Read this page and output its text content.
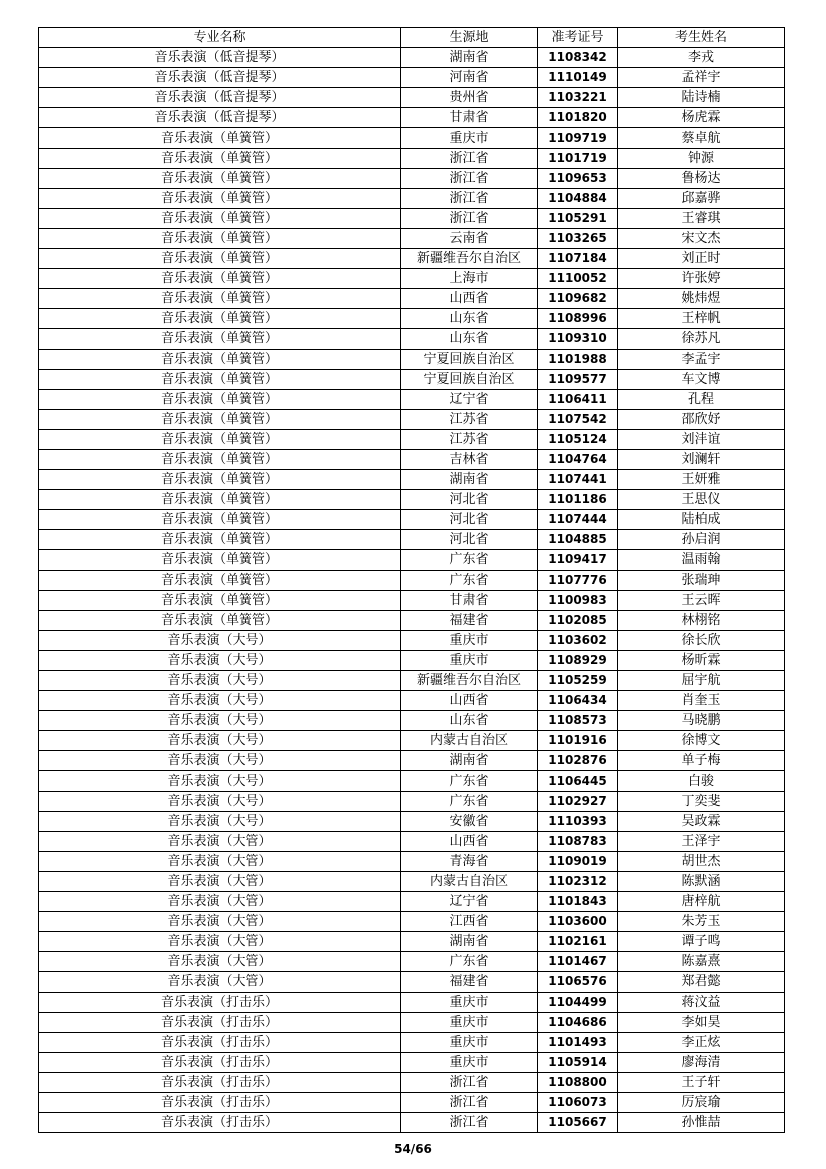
专业名称	生源地	准考证号	考生姓名
音乐表演（低音提琴）	湖南省	1108342	李戎
音乐表演（低音提琴）	河南省	1110149	孟祥宇
音乐表演（低音提琴）	贵州省	1103221	陆诗楠
音乐表演（低音提琴）	甘肃省	1101820	杨虎霖
音乐表演（单簧管）	重庆市	1109719	蔡卓航
音乐表演（单簧管）	浙江省	1101719	钟源
音乐表演（单簧管）	浙江省	1109653	鲁杨达
音乐表演（单簧管）	浙江省	1104884	邱嘉骅
音乐表演（单簧管）	浙江省	1105291	王睿琪
音乐表演（单簧管）	云南省	1103265	宋文杰
音乐表演（单簧管）	新疆维吾尔自治区	1107184	刘正时
音乐表演（单簧管）	上海市	1110052	许张婷
音乐表演（单簧管）	山西省	1109682	姚炜煜
音乐表演（单簧管）	山东省	1108996	王梓帆
音乐表演（单簧管）	山东省	1109310	徐苏凡
音乐表演（单簧管）	宁夏回族自治区	1101988	李孟宇
音乐表演（单簧管）	宁夏回族自治区	1109577	车文博
音乐表演（单簧管）	辽宁省	1106411	孔程
音乐表演（单簧管）	江苏省	1107542	邵欣妤
音乐表演（单簧管）	江苏省	1105124	刘沣谊
音乐表演（单簧管）	吉林省	1104764	刘澜轩
音乐表演（单簧管）	湖南省	1107441	王妍雅
音乐表演（单簧管）	河北省	1101186	王思仪
音乐表演（单簧管）	河北省	1107444	陆柏成
音乐表演（单簧管）	河北省	1104885	孙启润
音乐表演（单簧管）	广东省	1109417	温雨翰
音乐表演（单簧管）	广东省	1107776	张瑞珅
音乐表演（单簧管）	甘肃省	1100983	王云晖
音乐表演（单簧管）	福建省	1102085	林栩铭
音乐表演（大号）	重庆市	1103602	徐长欣
音乐表演（大号）	重庆市	1108929	杨昕霖
音乐表演（大号）	新疆维吾尔自治区	1105259	屈宇航
音乐表演（大号）	山西省	1106434	肖奎玉
音乐表演（大号）	山东省	1108573	马晓鹏
音乐表演（大号）	内蒙古自治区	1101916	徐博文
音乐表演（大号）	湖南省	1102876	单子梅
音乐表演（大号）	广东省	1106445	白骏
音乐表演（大号）	广东省	1102927	丁奕斐
音乐表演（大号）	安徽省	1110393	吴政霖
音乐表演（大管）	山西省	1108783	王泽宇
音乐表演（大管）	青海省	1109019	胡世杰
音乐表演（大管）	内蒙古自治区	1102312	陈默涵
音乐表演（大管）	辽宁省	1101843	唐梓航
音乐表演（大管）	江西省	1103600	朱芳玉
音乐表演（大管）	湖南省	1102161	谭子鸣
音乐表演（大管）	广东省	1101467	陈嘉熹
音乐表演（大管）	福建省	1106576	郑君懿
音乐表演（打击乐）	重庆市	1104499	蒋汶益
音乐表演（打击乐）	重庆市	1104686	李如昊
音乐表演（打击乐）	重庆市	1101493	李正炫
音乐表演（打击乐）	重庆市	1105914	廖海清
音乐表演（打击乐）	浙江省	1108800	王子轩
音乐表演（打击乐）	浙江省	1106073	厉宸瑜
音乐表演（打击乐）	浙江省	1105667	孙惟喆
54/66
